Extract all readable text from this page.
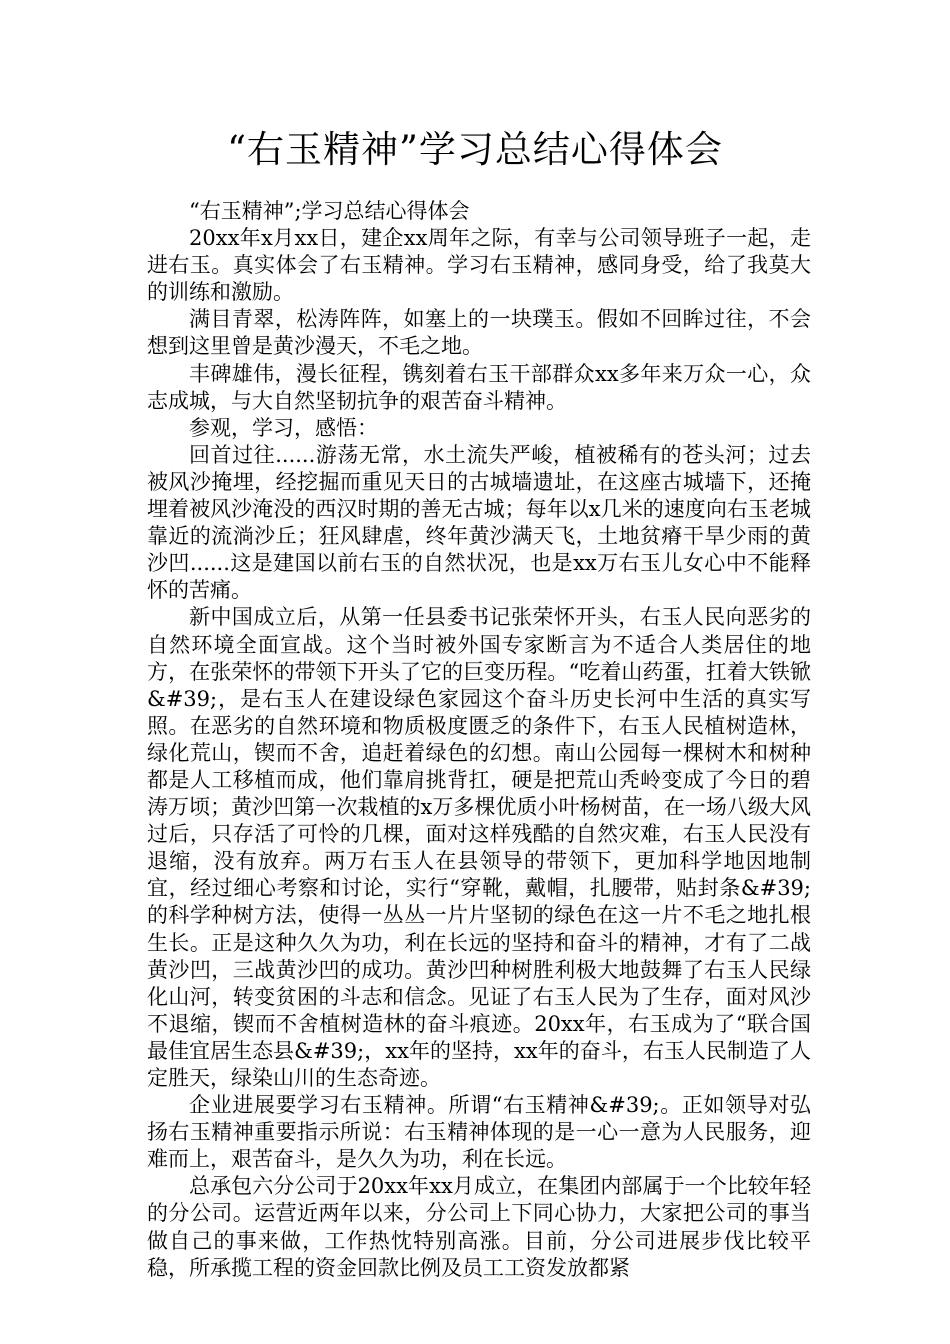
“右玉精神”学习总结心得体会

“右玉精神”;学习总结心得体会

20xx年x月xx日，建企xx周年之际，有幸与公司领导班子一起，走进右玉。真实体会了右玉精神。学习右玉精神，感同身受，给了我莫大的训练和激励。

满目青翠，松涛阵阵，如塞上的一块璞玉。假如不回眸过往，不会想到这里曾是黄沙漫天，不毛之地。

丰碑雄伟，漫长征程，镌刻着右玉干部群众xx多年来万众一心，众志成城，与大自然坚韧抗争的艰苦奋斗精神。

参观，学习，感悟：

回首过往......游荡无常，水土流失严峻，植被稀有的苍头河；过去被风沙掩埋，经挖掘而重见天日的古城墙遗址，在这座古城墙下，还掩埋着被风沙淹没的西汉时期的善无古城；每年以x几米的速度向右玉老城靠近的流淌沙丘；狂风肆虐，终年黄沙满天飞，土地贫瘠干旱少雨的黄沙凹......这是建国以前右玉的自然状况，也是xx万右玉儿女心中不能释怀的苦痛。

新中国成立后，从第一任县委书记张荣怀开头，右玉人民向恶劣的自然环境全面宣战。这个当时被外国专家断言为不适合人类居住的地方，在张荣怀的带领下开头了它的巨变历程。“吃着山药蛋，扛着大铁锨&#39;，是右玉人在建设绿色家园这个奋斗历史长河中生活的真实写照。在恶劣的自然环境和物质极度匮乏的条件下，右玉人民植树造林，绿化荒山，锲而不舍，追赶着绿色的幻想。南山公园每一棵树木和树种都是人工移植而成，他们靠肩挑背扛，硬是把荒山秃岭变成了今日的碧涛万顷；黄沙凹第一次栽植的x万多棵优质小叶杨树苗，在一场八级大风过后，只存活了可怜的几棵，面对这样残酷的自然灾难，右玉人民没有退缩，没有放弃。两万右玉人在县领导的带领下，更加科学地因地制宜，经过细心考察和讨论，实行“穿靴，戴帽，扎腰带，贴封条&#39;的科学种树方法，使得一丛丛一片片坚韧的绿色在这一片不毛之地扎根生长。正是这种久久为功，利在长远的坚持和奋斗的精神，才有了二战黄沙凹，三战黄沙凹的成功。黄沙凹种树胜利极大地鼓舞了右玉人民绿化山河，转变贫困的斗志和信念。见证了右玉人民为了生存，面对风沙不退缩，锲而不舍植树造林的奋斗痕迹。20xx年，右玉成为了“联合国最佳宜居生态县&#39;，xx年的坚持，xx年的奋斗，右玉人民制造了人定胜天，绿染山川的生态奇迹。

企业进展要学习右玉精神。所谓“右玉精神&#39;。正如领导对弘扬右玉精神重要指示所说：右玉精神体现的是一心一意为人民服务，迎难而上，艰苦奋斗，是久久为功，利在长远。

总承包六分公司于20xx年xx月成立，在集团内部属于一个比较年轻的分公司。运营近两年以来，分公司上下同心协力，大家把公司的事当做自己的事来做，工作热忱特别高涨。目前，分公司进展步伐比较平稳，所承揽工程的资金回款比例及员工工资发放都紧
